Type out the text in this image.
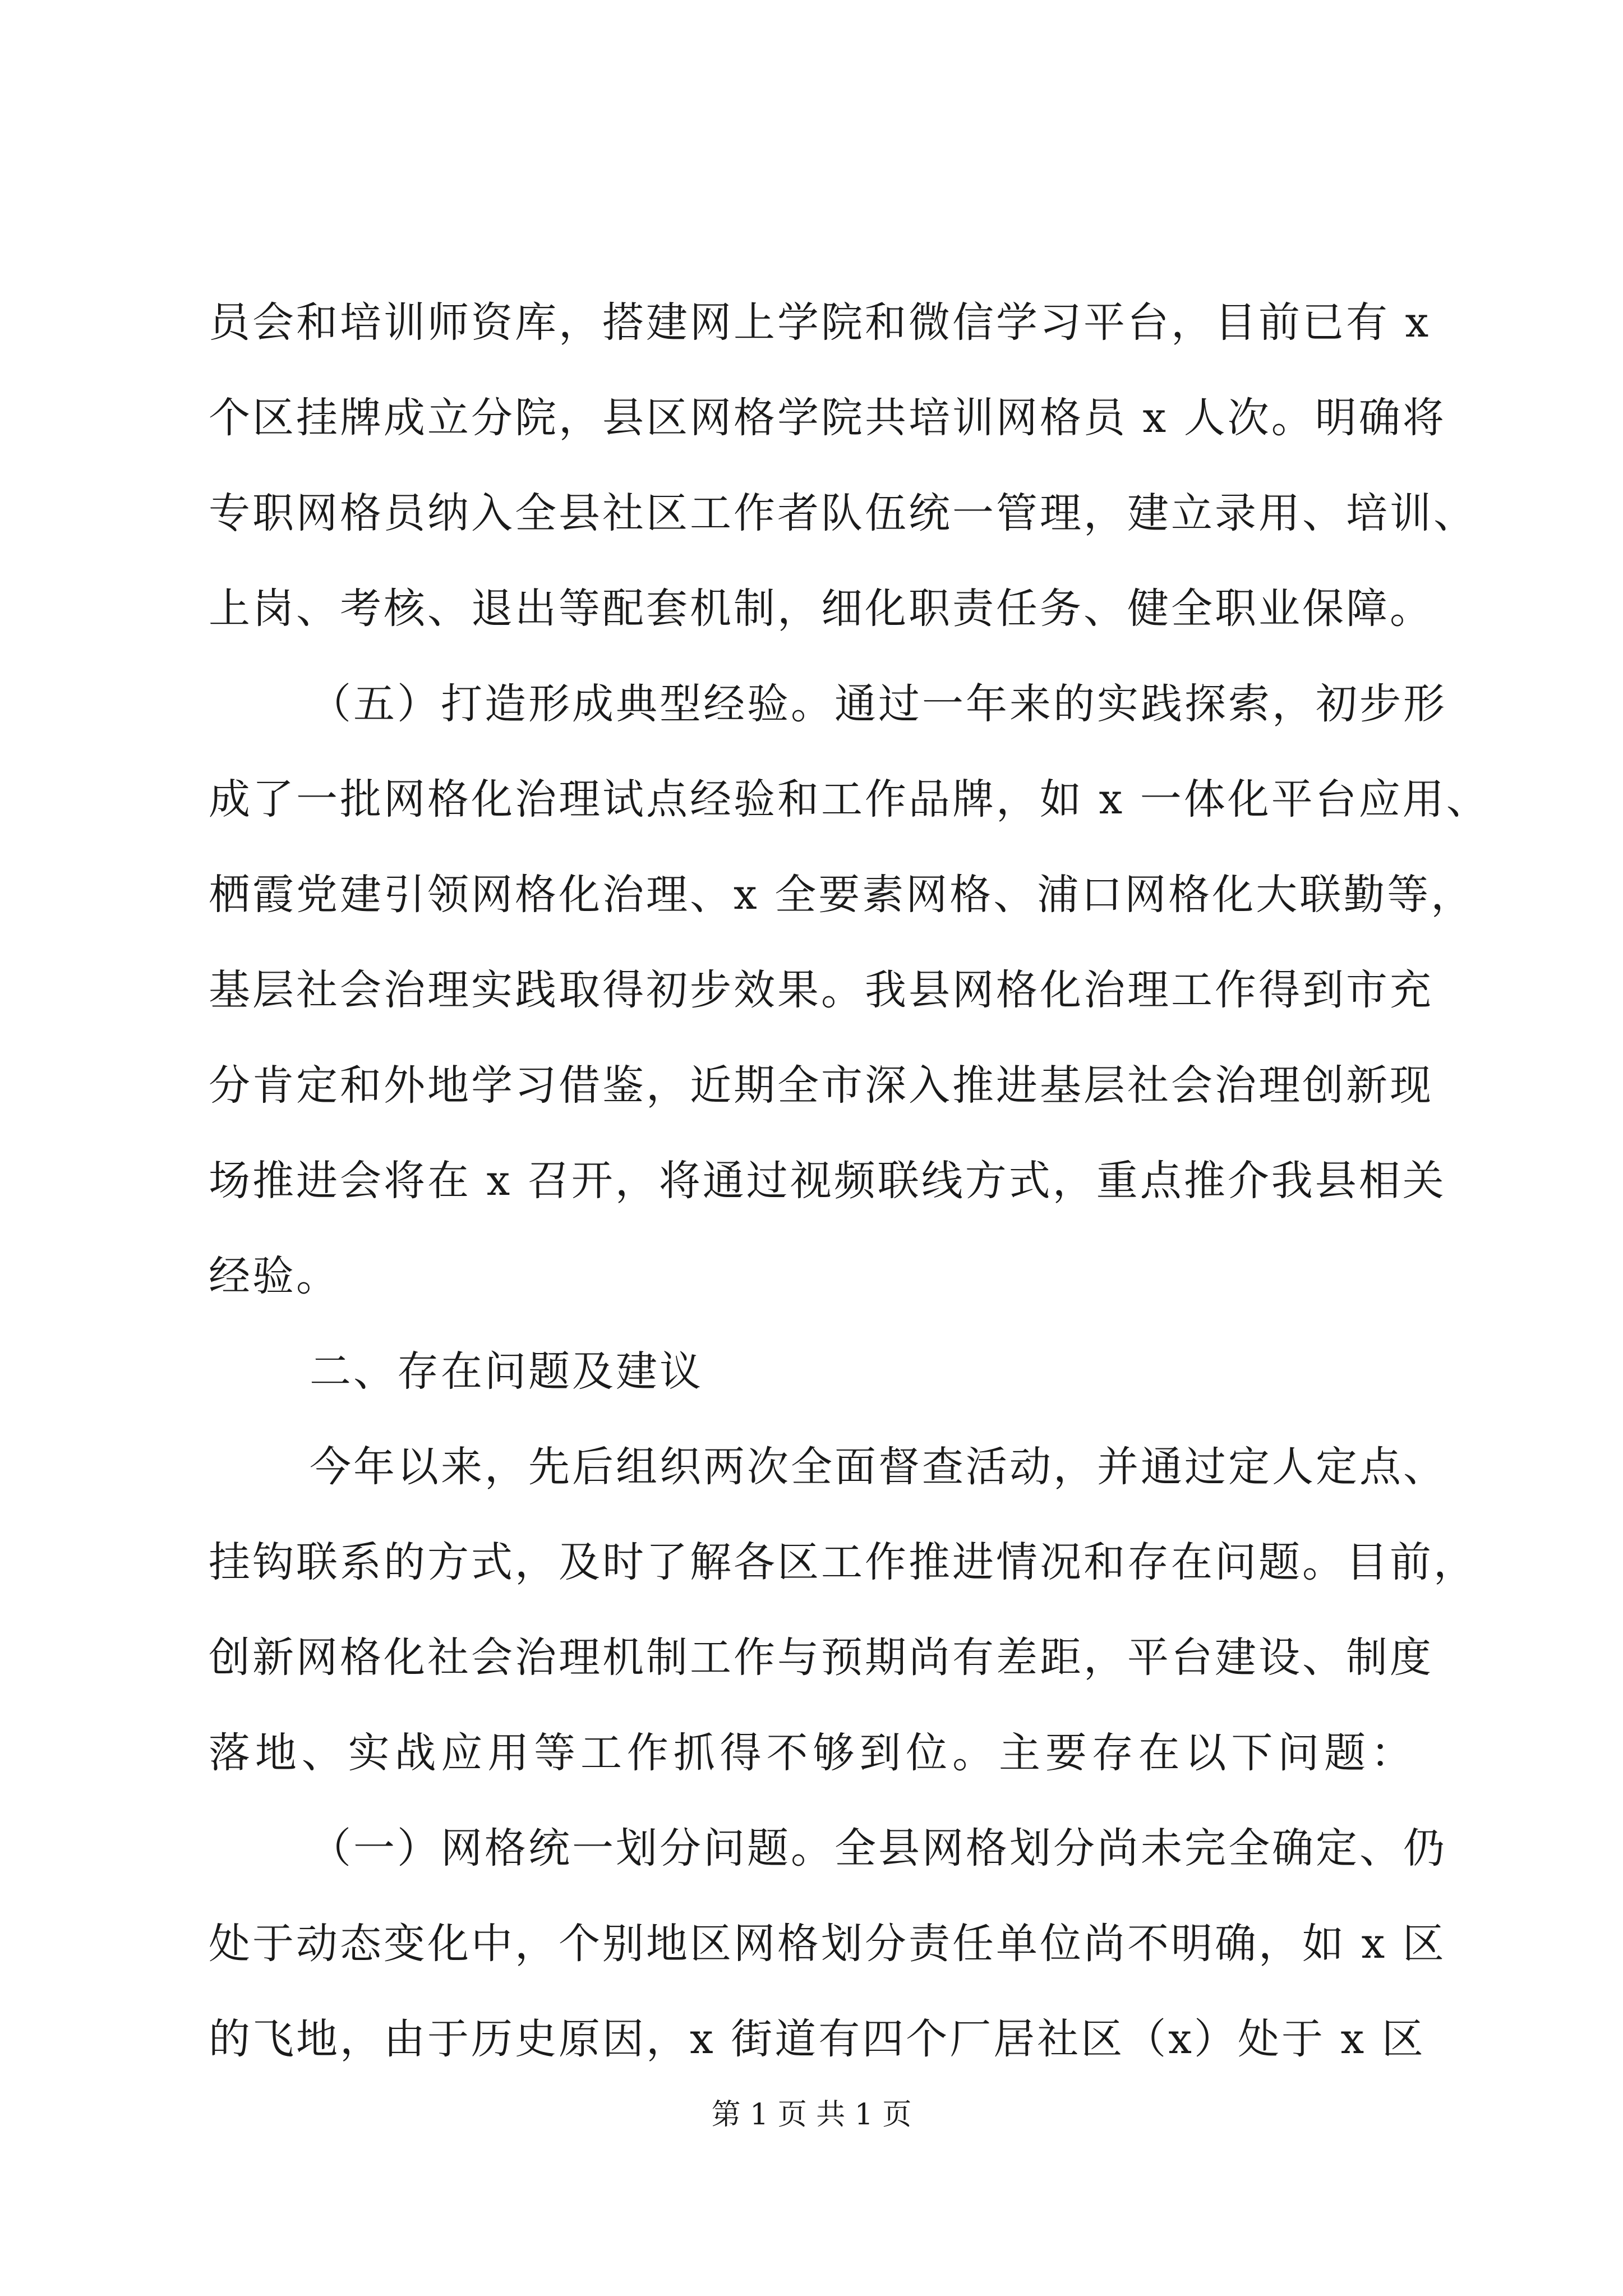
员会和培训师资库，搭建网上学院和微信学习平台，目前已有 x
个区挂牌成立分院，县区网格学院共培训网格员 x 人次。明确将
专职网格员纳入全县社区工作者队伍统一管理，建立录用、培训、
上岗、考核、退出等配套机制，细化职责任务、健全职业保障。
（五）打造形成典型经验。通过一年来的实践探索，初步形
成了一批网格化治理试点经验和工作品牌，如 x 一体化平台应用、
栖霞党建引领网格化治理、x 全要素网格、浦口网格化大联勤等，
基层社会治理实践取得初步效果。我县网格化治理工作得到市充
分肯定和外地学习借鉴，近期全市深入推进基层社会治理创新现
场推进会将在 x 召开，将通过视频联线方式，重点推介我县相关
经验。
二、存在问题及建议
今年以来，先后组织两次全面督查活动，并通过定人定点、
挂钩联系的方式，及时了解各区工作推进情况和存在问题。目前，
创新网格化社会治理机制工作与预期尚有差距，平台建设、制度
落地、实战应用等工作抓得不够到位。主要存在以下问题：
（一）网格统一划分问题。全县网格划分尚未完全确定、仍
处于动态变化中，个别地区网格划分责任单位尚不明确，如 x 区
的飞地，由于历史原因，x 街道有四个厂居社区（x）处于 x 区
第 1 页 共 1 页
